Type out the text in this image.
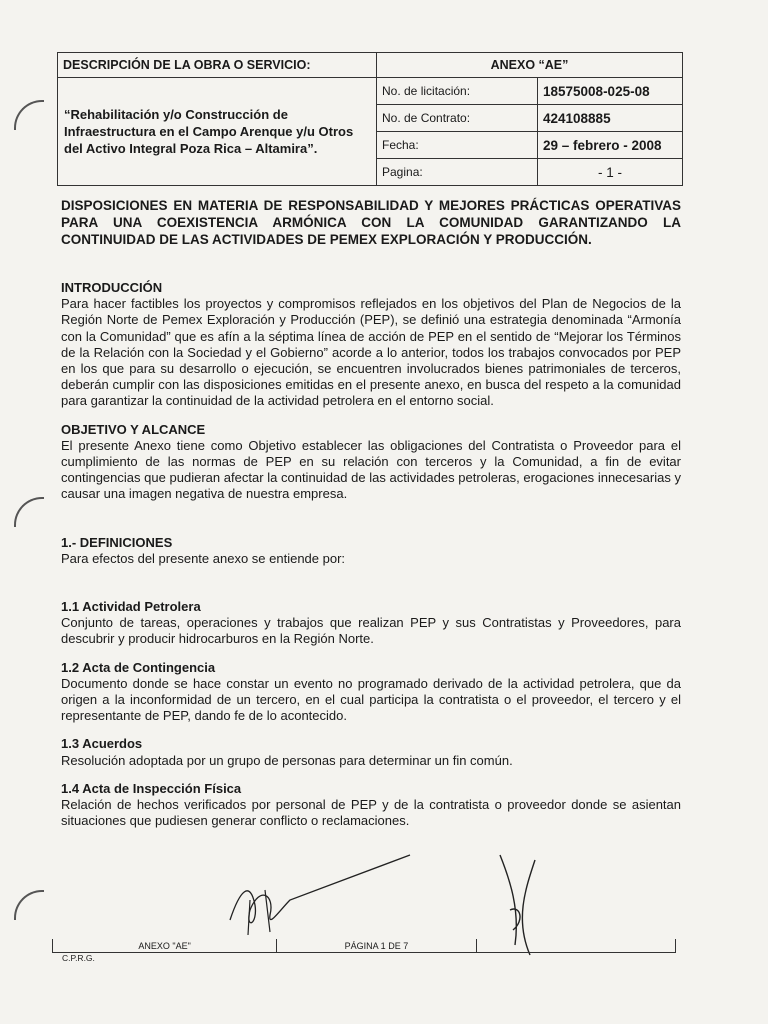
DESCRIPCIÓN DE LA OBRA O SERVICIO:	ANEXO “AE”	
“Rehabilitación y/o Construcción de Infraestructura en el Campo Arenque y/u Otros del Activo Integral Poza Rica – Altamira”.	No. de licitación:	18575008-025-08
	No. de Contrato:	424108885
	Fecha:	29 – febrero - 2008
	Pagina:	- 1 -
DISPOSICIONES EN MATERIA DE RESPONSABILIDAD Y MEJORES PRÁCTICAS OPERATIVAS PARA UNA COEXISTENCIA ARMÓNICA CON LA COMUNIDAD GARANTIZANDO LA CONTINUIDAD DE LAS ACTIVIDADES DE PEMEX EXPLORACIÓN Y PRODUCCIÓN.
INTRODUCCIÓN

Para hacer factibles los proyectos y compromisos reflejados en los objetivos del Plan de Negocios de la Región Norte de Pemex Exploración y Producción (PEP), se definió una estrategia denominada “Armonía con la Comunidad” que es afín a la séptima línea de acción de PEP en el sentido de “Mejorar los Términos de la Relación con la Sociedad y el Gobierno” acorde a lo anterior, todos los trabajos convocados por PEP en los que para su desarrollo o ejecución, se encuentren involucrados bienes patrimoniales de terceros, deberán cumplir con las disposiciones emitidas en el presente anexo, en busca del respeto a la comunidad para garantizar la continuidad de la actividad petrolera en el entorno social.

OBJETIVO Y ALCANCE

El presente Anexo tiene como Objetivo establecer las obligaciones del Contratista o Proveedor para el cumplimiento de las normas de PEP en su relación con terceros y la Comunidad, a fin de evitar contingencias que pudieran afectar la continuidad de las actividades petroleras, erogaciones innecesarias y causar una imagen negativa de nuestra empresa.

1.- DEFINICIONES

Para efectos del presente anexo se entiende por:

1.1 Actividad Petrolera

Conjunto de tareas, operaciones y trabajos que realizan PEP y sus Contratistas y Proveedores, para descubrir y producir hidrocarburos en la Región Norte.

1.2 Acta de Contingencia

Documento donde se hace constar un evento no programado derivado de la actividad petrolera, que da origen a la inconformidad de un tercero, en el cual participa la contratista o el proveedor, el tercero y el representante de PEP, dando fe de lo acontecido.

1.3 Acuerdos

Resolución adoptada por un grupo de personas para determinar un fin común.

1.4 Acta de Inspección Física

Relación de hechos verificados por personal de PEP y de la contratista o proveedor donde se asientan situaciones que pudiesen generar conflicto o reclamaciones.

ANEXO "AE"	PÁGINA 1 DE 7	
C.P.R.G.
